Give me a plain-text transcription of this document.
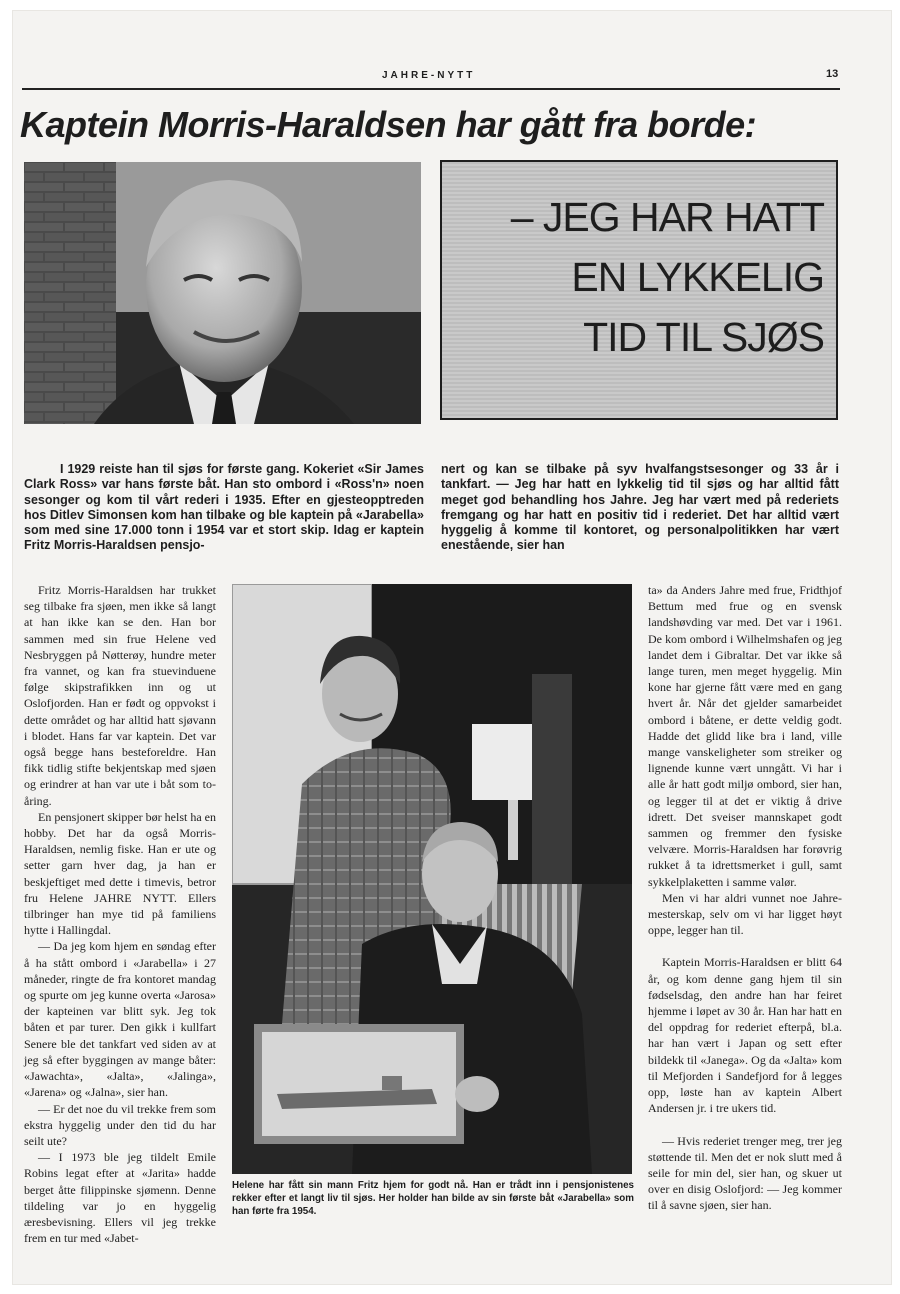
JAHRE-NYTT	13
Kaptein Morris-Haraldsen har gått fra borde:
– JEG HAR HATT
EN LYKKELIG
TID TIL SJØS
I 1929 reiste han til sjøs for første gang. Kokeriet «Sir James Clark Ross» var hans første båt. Han sto ombord i «Ross'n» noen sesonger og kom til vårt rederi i 1935. Efter en gjesteopptreden hos Ditlev Simonsen kom han tilbake og ble kaptein på «Jarabella» som med sine 17.000 tonn i 1954 var et stort skip. Idag er kaptein Fritz Morris-Haraldsen pensjo-
nert og kan se tilbake på syv hvalfangstsesonger og 33 år i tankfart. — Jeg har hatt en lykkelig tid til sjøs og har alltid fått meget god behandling hos Jahre. Jeg har vært med på rederiets fremgang og har hatt en positiv tid i rederiet. Det har alltid vært hyggelig å komme til kontoret, og personalpolitikken har vært enestående, sier han

Fritz Morris-Haraldsen har trukket seg tilbake fra sjøen, men ikke så langt at han ikke kan se den. Han bor sammen med sin frue Helene ved Nesbryggen på Nøtterøy, hundre meter fra vannet, og kan fra stuevinduene følge skipstrafikken inn og ut Oslofjorden. Han er født og oppvokst i dette området og har alltid hatt sjøvann i blodet. Hans far var kaptein. Det var også begge hans besteforeldre. Han fikk tidlig stifte bekjentskap med sjøen og erindrer at han var ute i båt som to-åring.

En pensjonert skipper bør helst ha en hobby. Det har da også Morris-Haraldsen, nemlig fiske. Han er ute og setter garn hver dag, ja han er beskjeftiget med dette i timevis, betror fru Helene JAHRE NYTT. Ellers tilbringer han mye tid på familiens hytte i Hallingdal.

— Da jeg kom hjem en søndag efter å ha stått ombord i «Jarabella» i 27 måneder, ringte de fra kontoret mandag og spurte om jeg kunne overta «Jarosa» der kapteinen var blitt syk. Jeg tok båten et par turer. Den gikk i kullfart Senere ble det tankfart ved siden av at jeg så efter byggingen av mange båter: «Jawachta», «Jalta», «Jalinga», «Jarena» og «Jalna», sier han.

— Er det noe du vil trekke frem som ekstra hyggelig under den tid du har seilt ute?

— I 1973 ble jeg tildelt Emile Robins legat efter at «Jarita» hadde berget åtte filippinske sjømenn. Denne tildeling var jo en hyggelig æresbevisning. Ellers vil jeg trekke frem en tur med «Jabet-

Helene har fått sin mann Fritz hjem for godt nå. Han er trådt inn i pensjonistenes rekker efter et langt liv til sjøs. Her holder han bilde av sin første båt «Jarabella» som han førte fra 1954.

ta» da Anders Jahre med frue, Fridthjof Bettum med frue og en svensk landshøvding var med. Det var i 1961. De kom ombord i Wilhelmshafen og jeg landet dem i Gibraltar. Det var ikke så lange turen, men meget hyggelig. Min kone har gjerne fått være med en gang hvert år. Når det gjelder samarbeidet ombord i båtene, er dette veldig godt. Hadde det glidd like bra i land, ville mange vanskeligheter som streiker og lignende kunne vært unngått. Vi har i alle år hatt godt miljø ombord, sier han, og legger til at det er viktig å drive idrett. Det sveiser mannskapet godt sammen og fremmer den fysiske velvære. Morris-Haraldsen har forøvrig rukket å ta idrettsmerket i gull, samt sykkelplaketten i samme valør.

Men vi har aldri vunnet noe Jahre-mesterskap, selv om vi har ligget høyt oppe, legger han til.

Kaptein Morris-Haraldsen er blitt 64 år, og kom denne gang hjem til sin fødselsdag, den andre han har feiret hjemme i løpet av 30 år. Han har hatt en del oppdrag for rederiet efterpå, bl.a. har han vært i Japan og sett efter bildekk til «Janega». Og da «Jalta» kom til Mefjorden i Sandefjord for å legges opp, løste han av kaptein Albert Andersen jr. i tre ukers tid.

— Hvis rederiet trenger meg, trer jeg støttende til. Men det er nok slutt med å seile for min del, sier han, og skuer ut over en disig Oslofjord: — Jeg kommer til å savne sjøen, sier han.
